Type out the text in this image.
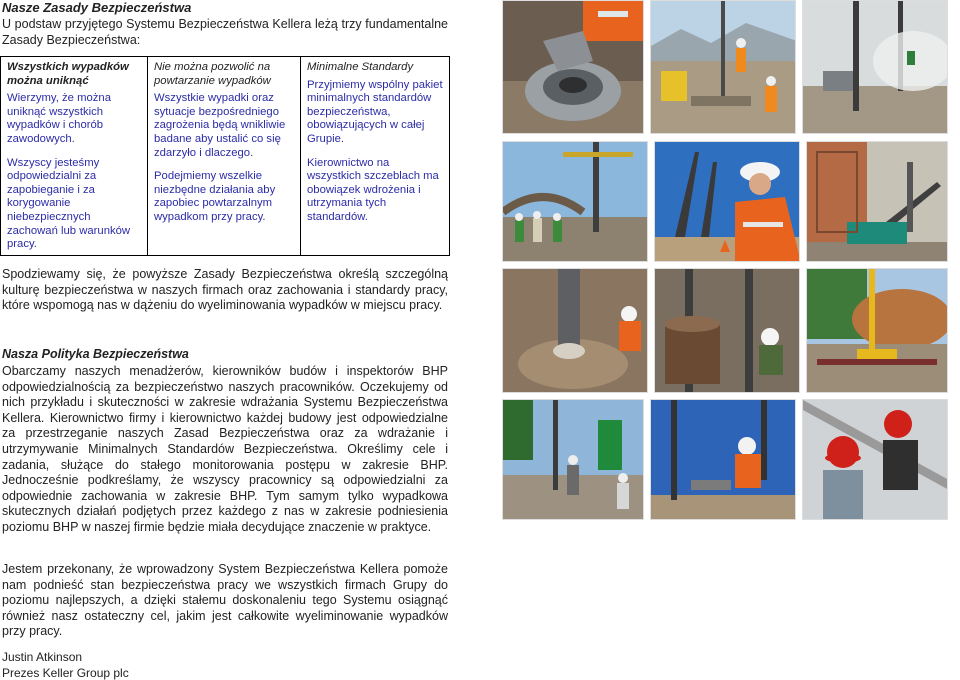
Nasze Zasady Bezpieczeństwa
U podstaw przyjętego Systemu Bezpieczeństwa Kellera leżą trzy fundamentalne Zasady Bezpieczeństwa:
Wszystkich wypadków można uniknąć
Wierzymy, że można uniknąć wszystkich wypadków i chorób zawodowych.
Wszyscy jesteśmy odpowiedzialni za zapobieganie i za korygowanie niebezpiecznych zachowań lub warunków pracy.
Nie można pozwolić na powtarzanie wypadków
Wszystkie wypadki oraz sytuacje bezpośredniego zagrożenia będą wnikliwie badane aby ustalić co się zdarzyło i dlaczego.
Podejmiemy wszelkie niezbędne działania aby zapobiec powtarzalnym wypadkom przy pracy.
Minimalne Standardy
Przyjmiemy wspólny pakiet minimalnych standardów bezpieczeństwa, obowiązujących w całej Grupie.
Kierownictwo na wszystkich szczeblach ma obowiązek wdrożenia i utrzymania tych standardów.
Spodziewamy się, że powyższe Zasady Bezpieczeństwa określą szczególną kulturę bezpieczeństwa w naszych firmach oraz zachowania i standardy pracy, które wspomogą nas w dążeniu do wyeliminowania wypadków w miejscu pracy.
Nasza Polityka Bezpieczeństwa
Obarczamy naszych menadżerów, kierowników budów i inspektorów BHP odpowiedzialnością za bezpieczeństwo naszych pracowników. Oczekujemy od nich przykładu i skuteczności w zakresie wdrażania Systemu Bezpieczeństwa Kellera. Kierownictwo firmy i kierownictwo każdej budowy jest odpowiedzialne za przestrzeganie naszych Zasad Bezpieczeństwa oraz za wdrażanie i utrzymywanie Minimalnych Standardów Bezpieczeństwa. Określimy cele i zadania, służące do stałego monitorowania postępu w zakresie BHP. Jednocześnie podkreślamy, że wszyscy pracownicy są odpowiedzialni za odpowiednie zachowania w zakresie BHP. Tym samym tylko wypadkowa skutecznych działań podjętych przez każdego z nas w zakresie podniesienia poziomu BHP w naszej firmie będzie miała decydujące znaczenie w praktyce.
Jestem przekonany, że wprowadzony System Bezpieczeństwa Kellera pomoże nam podnieść stan bezpieczeństwa pracy we wszystkich firmach Grupy do poziomu najlepszych, a dzięki stałemu doskonaleniu tego Systemu osiągnąć również nasz ostateczny cel, jakim jest całkowite wyeliminowanie wypadków przy pracy.
Justin Atkinson
Prezes Keller Group plc
